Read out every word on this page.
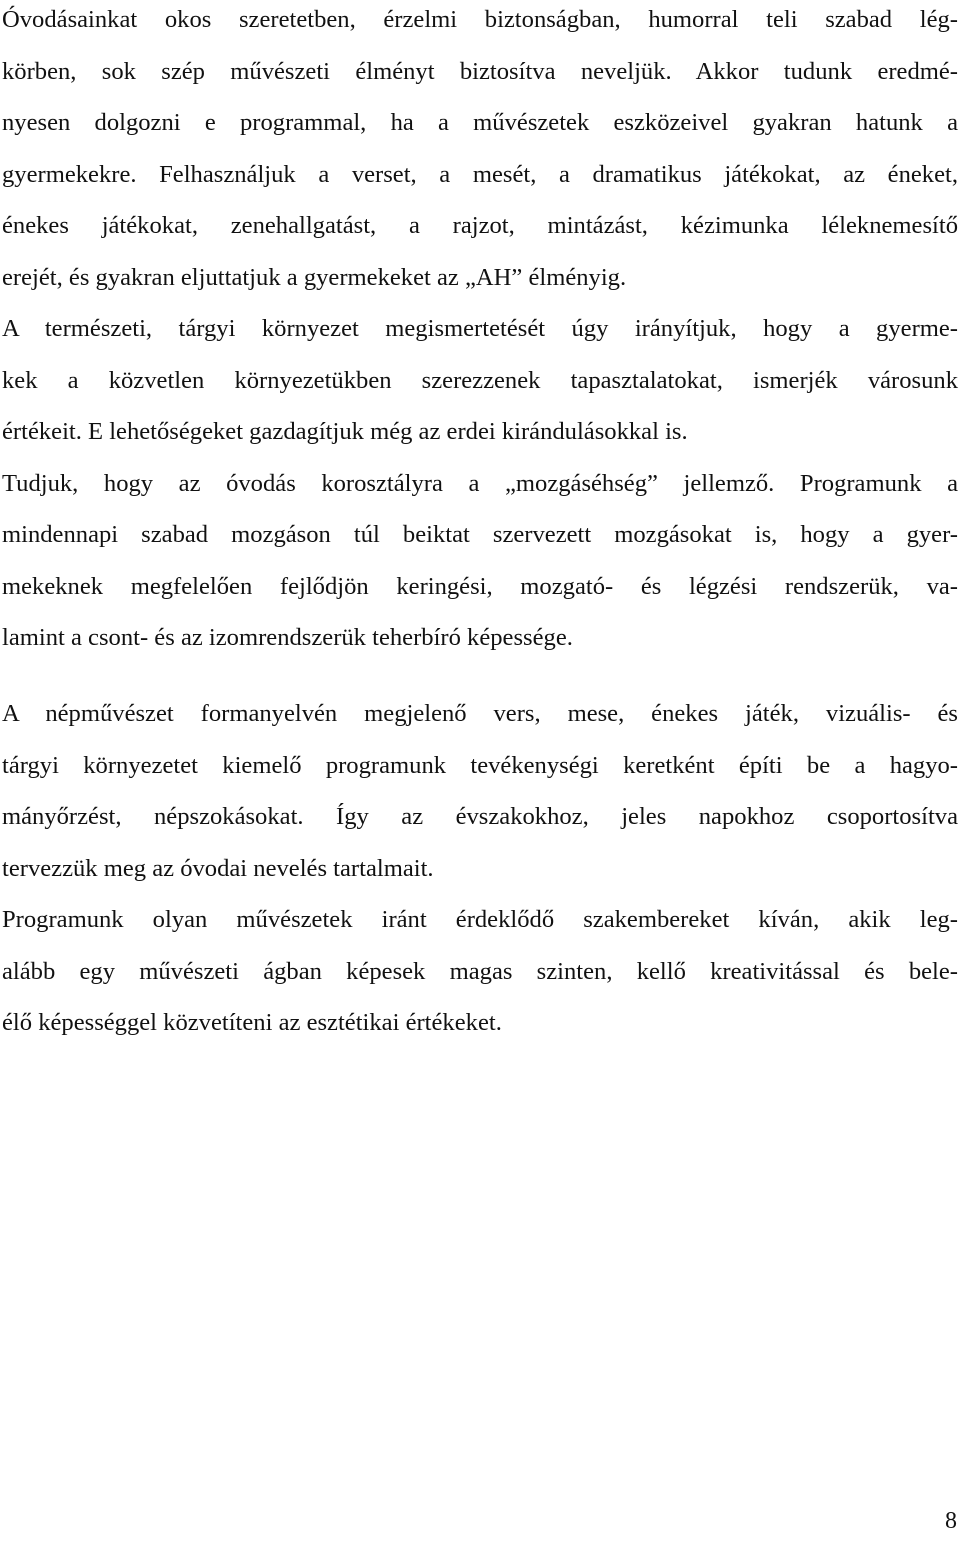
Óvodásainkat okos szeretetben, érzelmi biztonságban, humorral teli szabad lég-
körben, sok szép művészeti élményt biztosítva neveljük. Akkor tudunk eredmé-
nyesen dolgozni e programmal, ha a művészetek eszközeivel gyakran hatunk a
gyermekekre. Felhasználjuk a verset, a mesét, a dramatikus játékokat, az éneket,
énekes játékokat, zenehallgatást, a rajzot, mintázást, kézimunka léleknemesítő
erejét, és gyakran eljuttatjuk a gyermekeket az „AH” élményig.
A természeti, tárgyi környezet megismertetését úgy irányítjuk, hogy a gyerme-
kek a közvetlen környezetükben szerezzenek tapasztalatokat, ismerjék városunk
értékeit. E lehetőségeket gazdagítjuk még az erdei kirándulásokkal is.
Tudjuk, hogy az óvodás korosztályra a „mozgáséhség” jellemző. Programunk a
mindennapi szabad mozgáson túl beiktat szervezett mozgásokat is, hogy a gyer-
mekeknek megfelelően fejlődjön keringési, mozgató- és légzési rendszerük, va-
lamint a csont- és az izomrendszerük teherbíró képessége.
A népművészet formanyelvén megjelenő vers, mese, énekes játék, vizuális- és
tárgyi környezetet kiemelő programunk tevékenységi keretként építi be a hagyo-
mányőrzést, népszokásokat. Így az évszakokhoz, jeles napokhoz csoportosítva
tervezzük meg az óvodai nevelés tartalmait.
Programunk olyan művészetek iránt érdeklődő szakembereket kíván, akik leg-
alább egy művészeti ágban képesek magas szinten, kellő kreativitással és bele-
élő képességgel közvetíteni az esztétikai értékeket.
8
